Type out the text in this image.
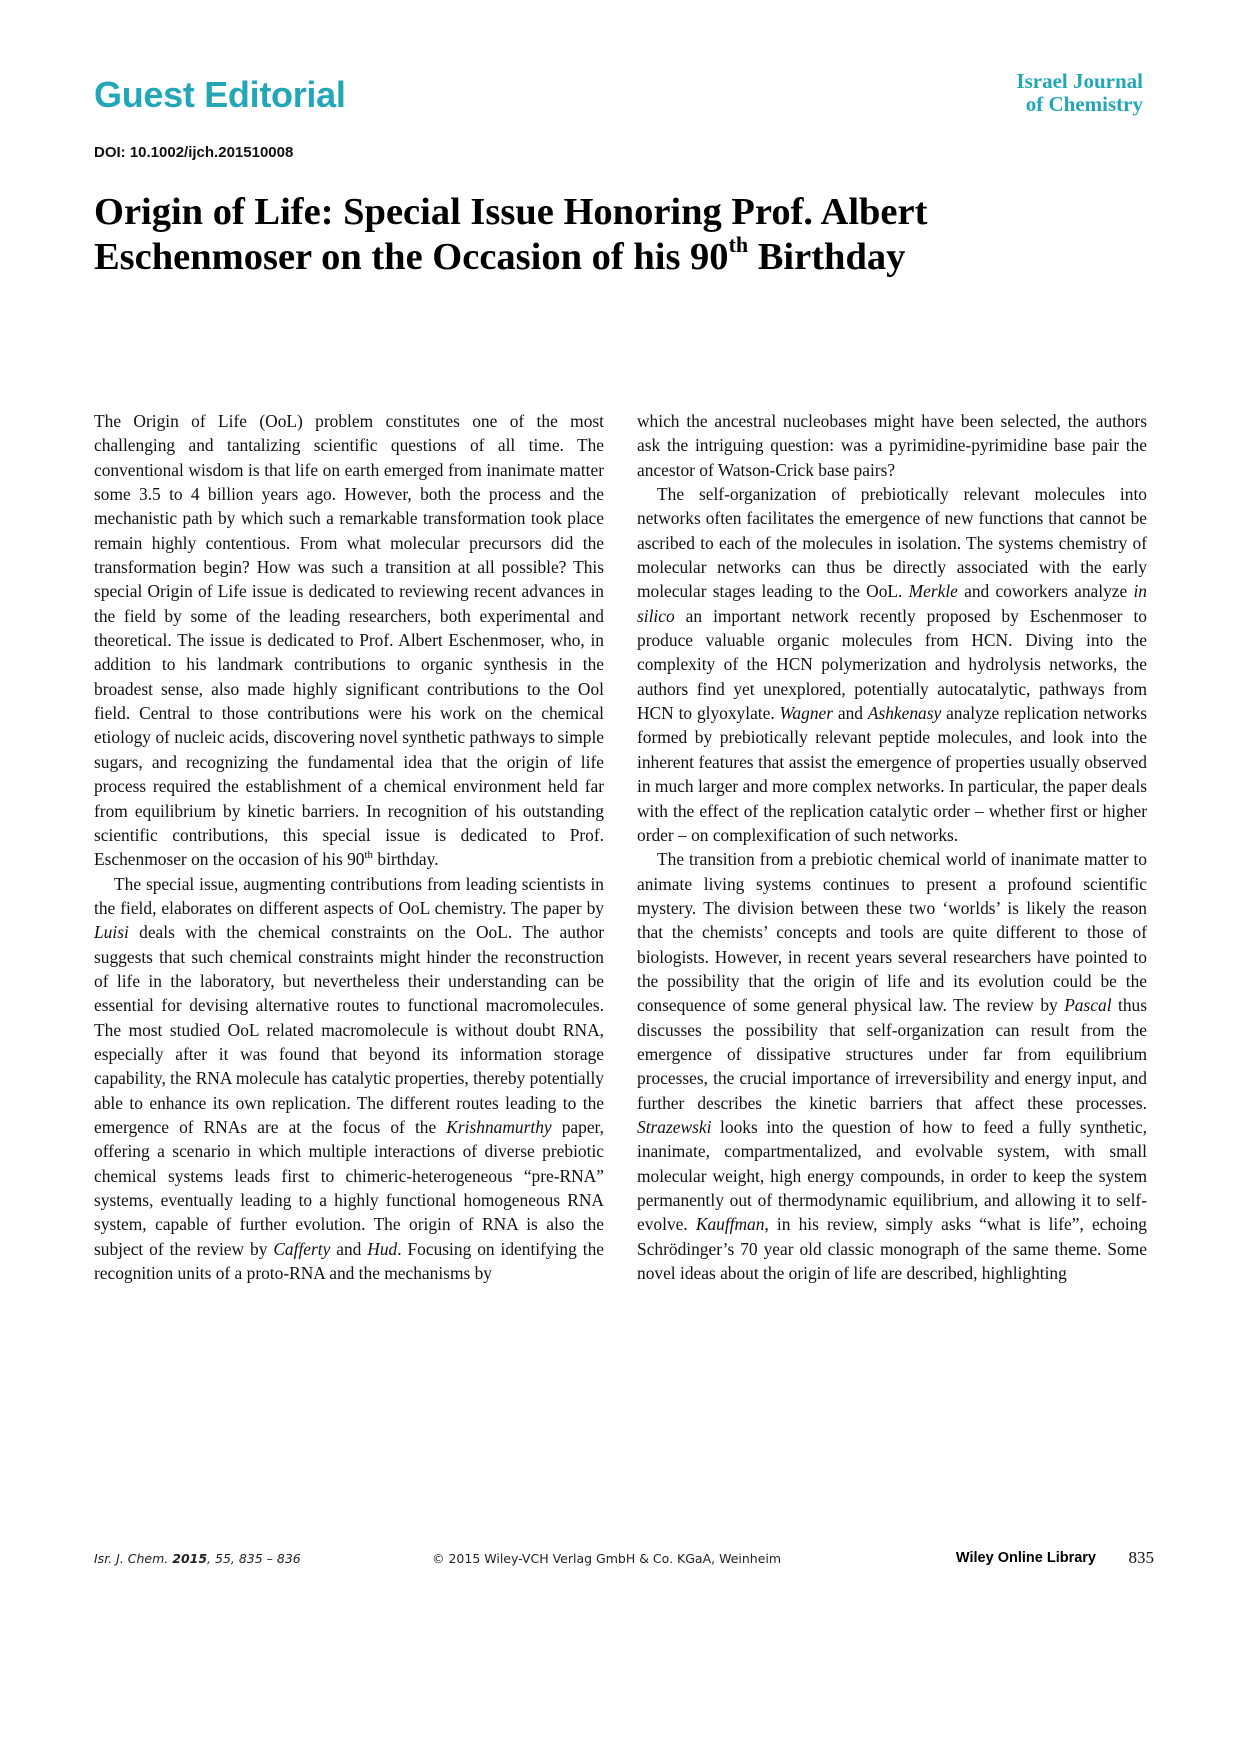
Guest Editorial	Israel Journal
of Chemistry
DOI: 10.1002/ijch.201510008
Origin of Life: Special Issue Honoring Prof. Albert Eschenmoser on the Occasion of his 90th Birthday

The Origin of Life (OoL) problem constitutes one of the most challenging and tantalizing scientific questions of all time. The conventional wisdom is that life on earth emerged from inanimate matter some 3.5 to 4 billion years ago. However, both the process and the mechanistic path by which such a remarkable transformation took place remain highly contentious. From what molecular precursors did the transformation begin? How was such a transition at all possible? This special Origin of Life issue is dedicated to reviewing recent advances in the field by some of the leading researchers, both experimental and theoretical. The issue is dedicated to Prof. Albert Eschenmoser, who, in addition to his landmark contributions to organic synthesis in the broadest sense, also made highly significant contributions to the Ool field. Central to those contributions were his work on the chemical etiology of nucleic acids, discovering novel synthetic pathways to simple sugars, and recognizing the fundamental idea that the origin of life process required the establishment of a chemical environment held far from equilibrium by kinetic barriers. In recognition of his outstanding scientific contributions, this special issue is dedicated to Prof. Eschenmoser on the occasion of his 90th birthday.

The special issue, augmenting contributions from leading scientists in the field, elaborates on different aspects of OoL chemistry. The paper by Luisi deals with the chemical constraints on the OoL. The author suggests that such chemical constraints might hinder the reconstruction of life in the laboratory, but nevertheless their understanding can be essential for devising alternative routes to functional macromolecules. The most studied OoL related macromolecule is without doubt RNA, especially after it was found that beyond its information storage capability, the RNA molecule has catalytic properties, thereby potentially able to enhance its own replication. The different routes leading to the emergence of RNAs are at the focus of the Krishnamurthy paper, offering a scenario in which multiple interactions of diverse prebiotic chemical systems leads first to chimeric-heterogeneous “pre-RNA” systems, eventually leading to a highly functional homogeneous RNA system, capable of further evolution. The origin of RNA is also the subject of the review by Cafferty and Hud. Focusing on identifying the recognition units of a proto-RNA and the mechanisms by

which the ancestral nucleobases might have been selected, the authors ask the intriguing question: was a pyrimidine-pyrimidine base pair the ancestor of Watson-Crick base pairs?

The self-organization of prebiotically relevant molecules into networks often facilitates the emergence of new functions that cannot be ascribed to each of the molecules in isolation. The systems chemistry of molecular networks can thus be directly associated with the early molecular stages leading to the OoL. Merkle and coworkers analyze in silico an important network recently proposed by Eschenmoser to produce valuable organic molecules from HCN. Diving into the complexity of the HCN polymerization and hydrolysis networks, the authors find yet unexplored, potentially autocatalytic, pathways from HCN to glyoxylate. Wagner and Ashkenasy analyze replication networks formed by prebiotically relevant peptide molecules, and look into the inherent features that assist the emergence of properties usually observed in much larger and more complex networks. In particular, the paper deals with the effect of the replication catalytic order – whether first or higher order – on complexification of such networks.

The transition from a prebiotic chemical world of inanimate matter to animate living systems continues to present a profound scientific mystery. The division between these two ‘worlds’ is likely the reason that the chemists’ concepts and tools are quite different to those of biologists. However, in recent years several researchers have pointed to the possibility that the origin of life and its evolution could be the consequence of some general physical law. The review by Pascal thus discusses the possibility that self-organization can result from the emergence of dissipative structures under far from equilibrium processes, the crucial importance of irreversibility and energy input, and further describes the kinetic barriers that affect these processes. Strazewski looks into the question of how to feed a fully synthetic, inanimate, compartmentalized, and evolvable system, with small molecular weight, high energy compounds, in order to keep the system permanently out of thermodynamic equilibrium, and allowing it to self-evolve. Kauffman, in his review, simply asks “what is life”, echoing Schrödinger’s 70 year old classic monograph of the same theme. Some novel ideas about the origin of life are described, highlighting

Isr. J. Chem. 2015, 55, 835 – 836	© 2015 Wiley-VCH Verlag GmbH & Co. KGaA, Weinheim	Wiley Online Library 835
